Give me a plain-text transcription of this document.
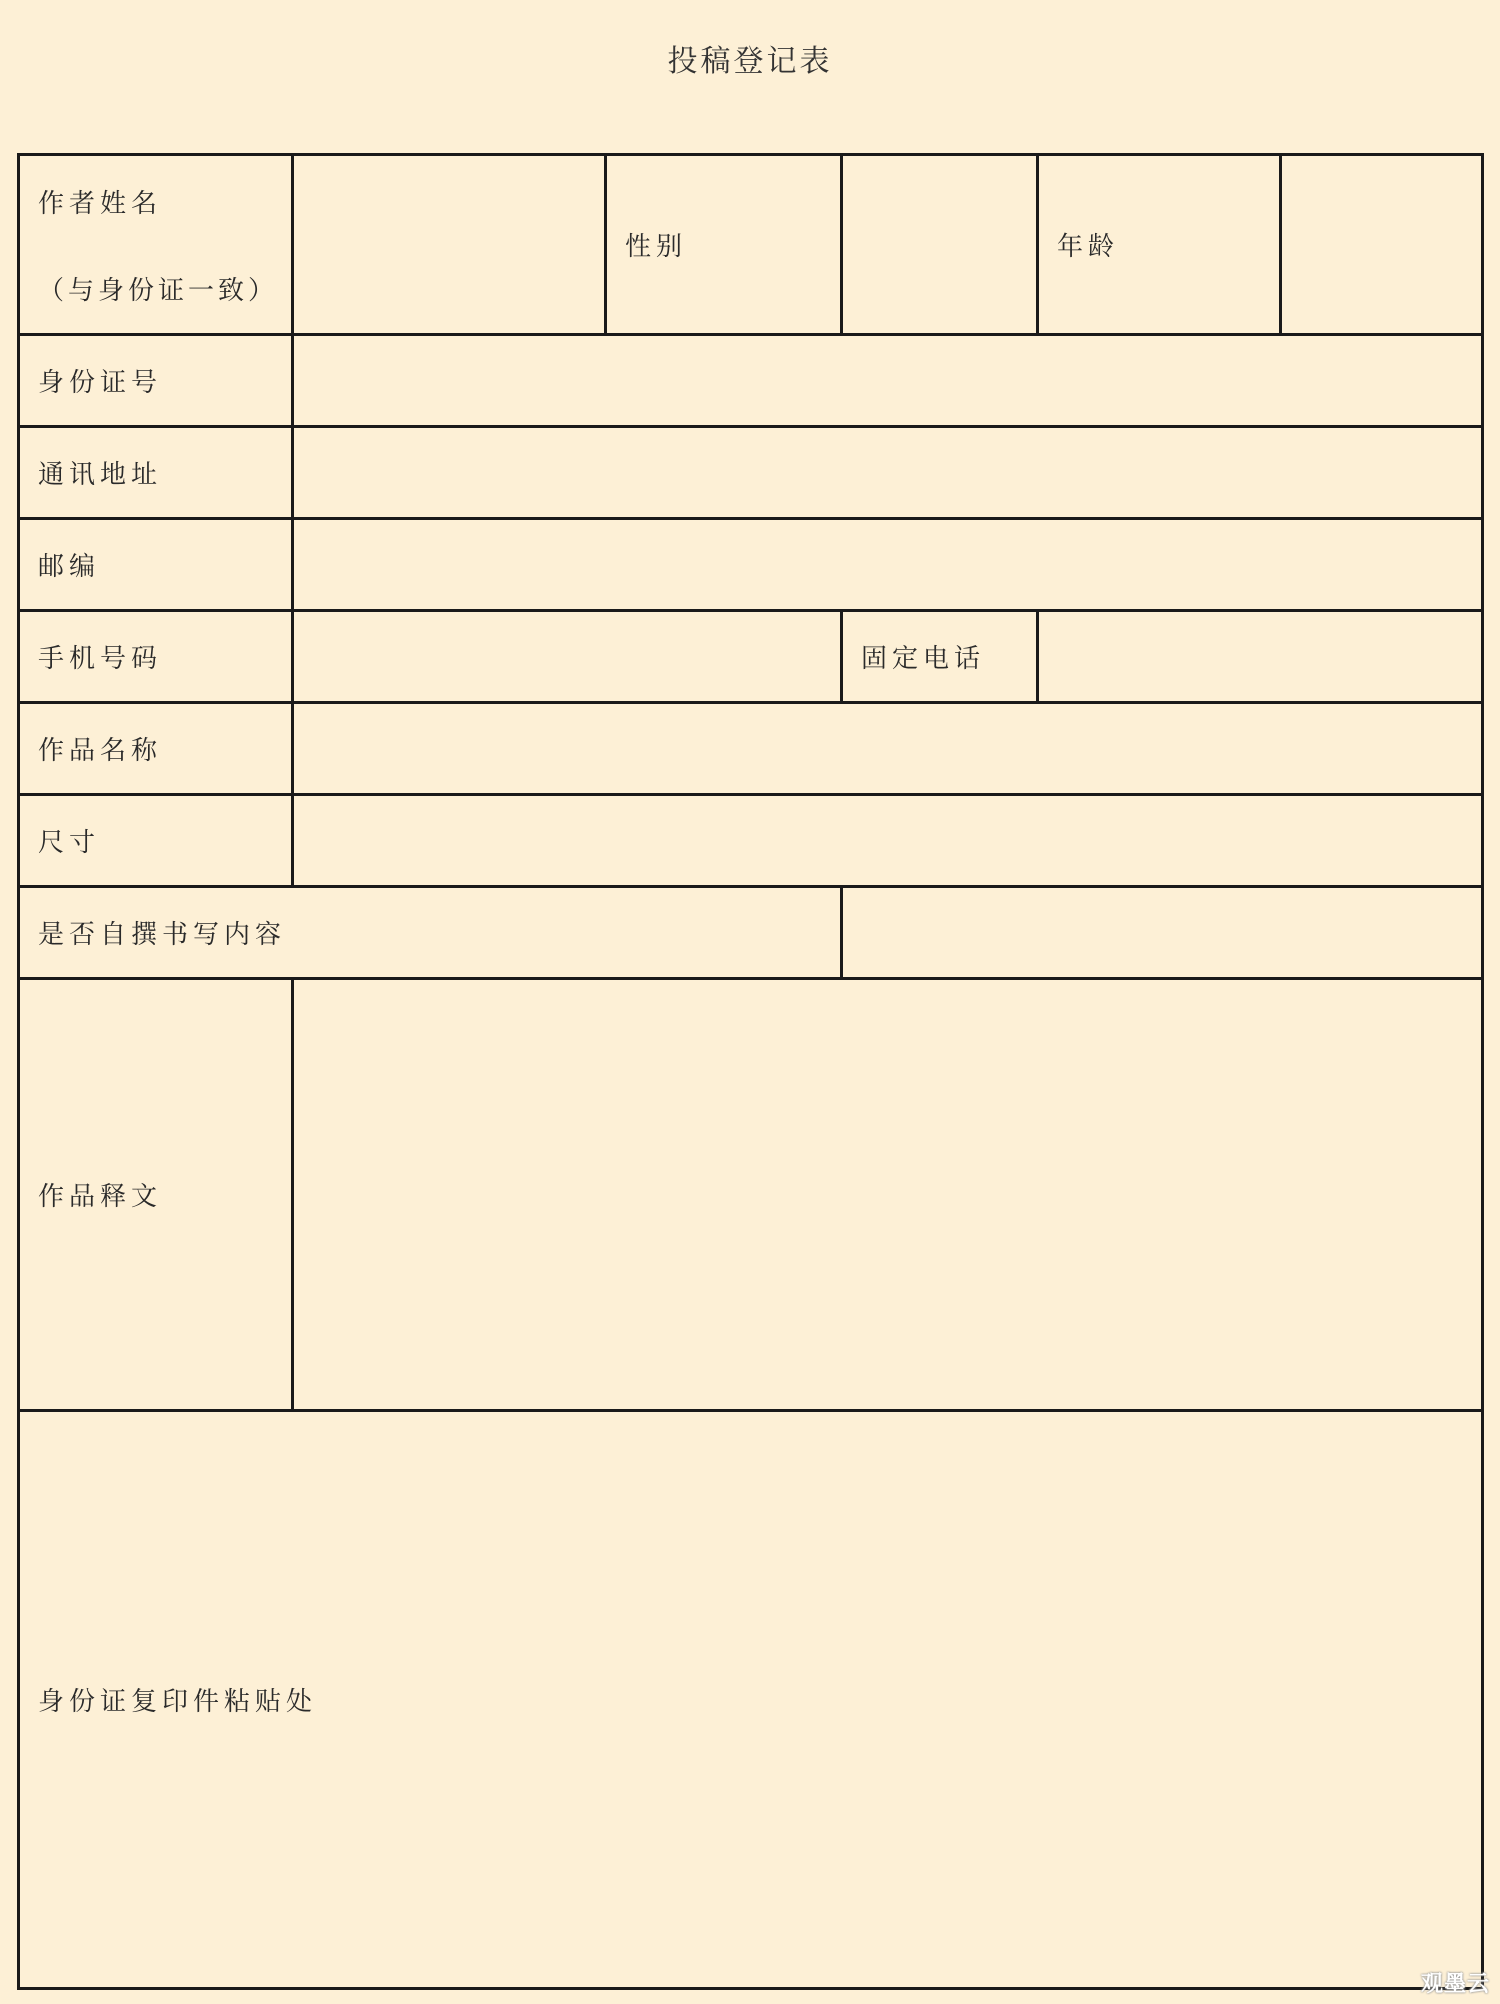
投稿登记表
作者姓名
（与身份证一致）		性别		年龄	
身份证号					
通讯地址					
邮编					
手机号码			固定电话		
作品名称					
尺寸					
是否自撰书写内容					
作品释文					
身份证复印件粘贴处					
观墨云
